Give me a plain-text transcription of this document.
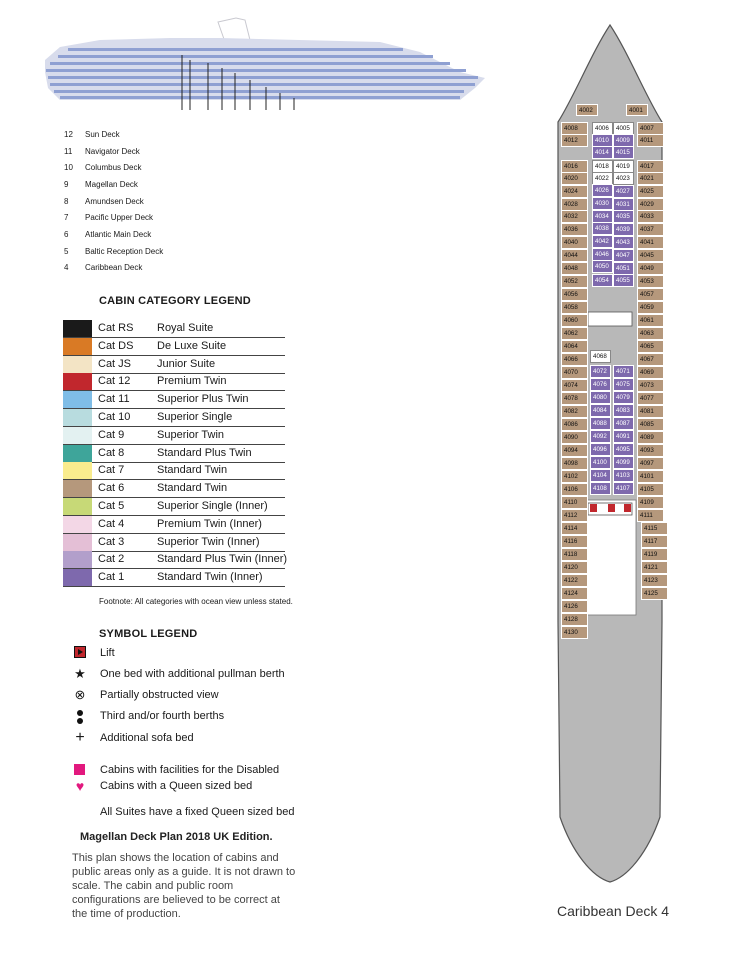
12 Sun Deck
11 Navigator Deck
10 Columbus Deck
9 Magellan Deck
8 Amundsen Deck
7 Pacific Upper Deck
6 Atlantic Main Deck
5 Baltic Reception Deck
4 Caribbean Deck
CABIN CATEGORY LEGEND
Cat RS Royal Suite
Cat DS De Luxe Suite
Cat JS Junior Suite
Cat 12 Premium Twin
Cat 11 Superior Plus Twin
Cat 10 Superior Single
Cat 9	Superior Twin
Cat 8	Standard Plus Twin
Cat 7	Standard Twin
Cat 6	Standard Twin
Cat 5	Superior Single (Inner)
Cat 4	Premium Twin (Inner)
Cat 3	Superior Twin (Inner)
Cat 2	Standard Plus Twin (Inner)
Cat 1	Standard Twin (Inner)
Footnote: All categories with ocean view unless stated.
SYMBOL LEGEND
Lift
★ One bed with additional pullman berth
⊗ Partially obstructed view
Third and/or fourth berths
+ Additional sofa bed
Cabins with facilities for the Disabled
♥ Cabins with a Queen sized bed
All Suites have a fixed Queen sized bed
Magellan Deck Plan 2018 UK Edition.
This plan shows the location of cabins and public areas only as a guide. It is not drawn to scale. The cabin and public room configurations are believed to be correct at the time of production.
4002	4001
4006	4005
4008	4007
4010	4009
4012	4011
4014	4015
4016	4017
4018	4019
4020	4021
4022	4023
4024	4025
4026	4027
4028	4029
4030	4031
4032	4033
4034	4035
4036	4037
4038	4039
4040	4041
4042	4043
4044	4045
4046	4047
4048	4049
4050	4051
4052	4053
4054	4055
4056	4057
4058	4059
4060	4061
4062	4063
4064	4065
4066	4067
4068
4070	4069
4072	4071
4074	4073
4076	4075
4078	4077
4080	4079
4082	4081
4084	4083
4086	4085
4088	4087
4090	4089
4092	4091
4094	4093
4096	4095
4098	4097
4100	4099
4102	4101
4104	4103
4106	4105
4108	4107
4110	4109
4112	4111
4114	4115
4116	4117
4118	4119
4120	4121
4122	4123
4124	4125
4126
4128
4130
Caribbean Deck 4
